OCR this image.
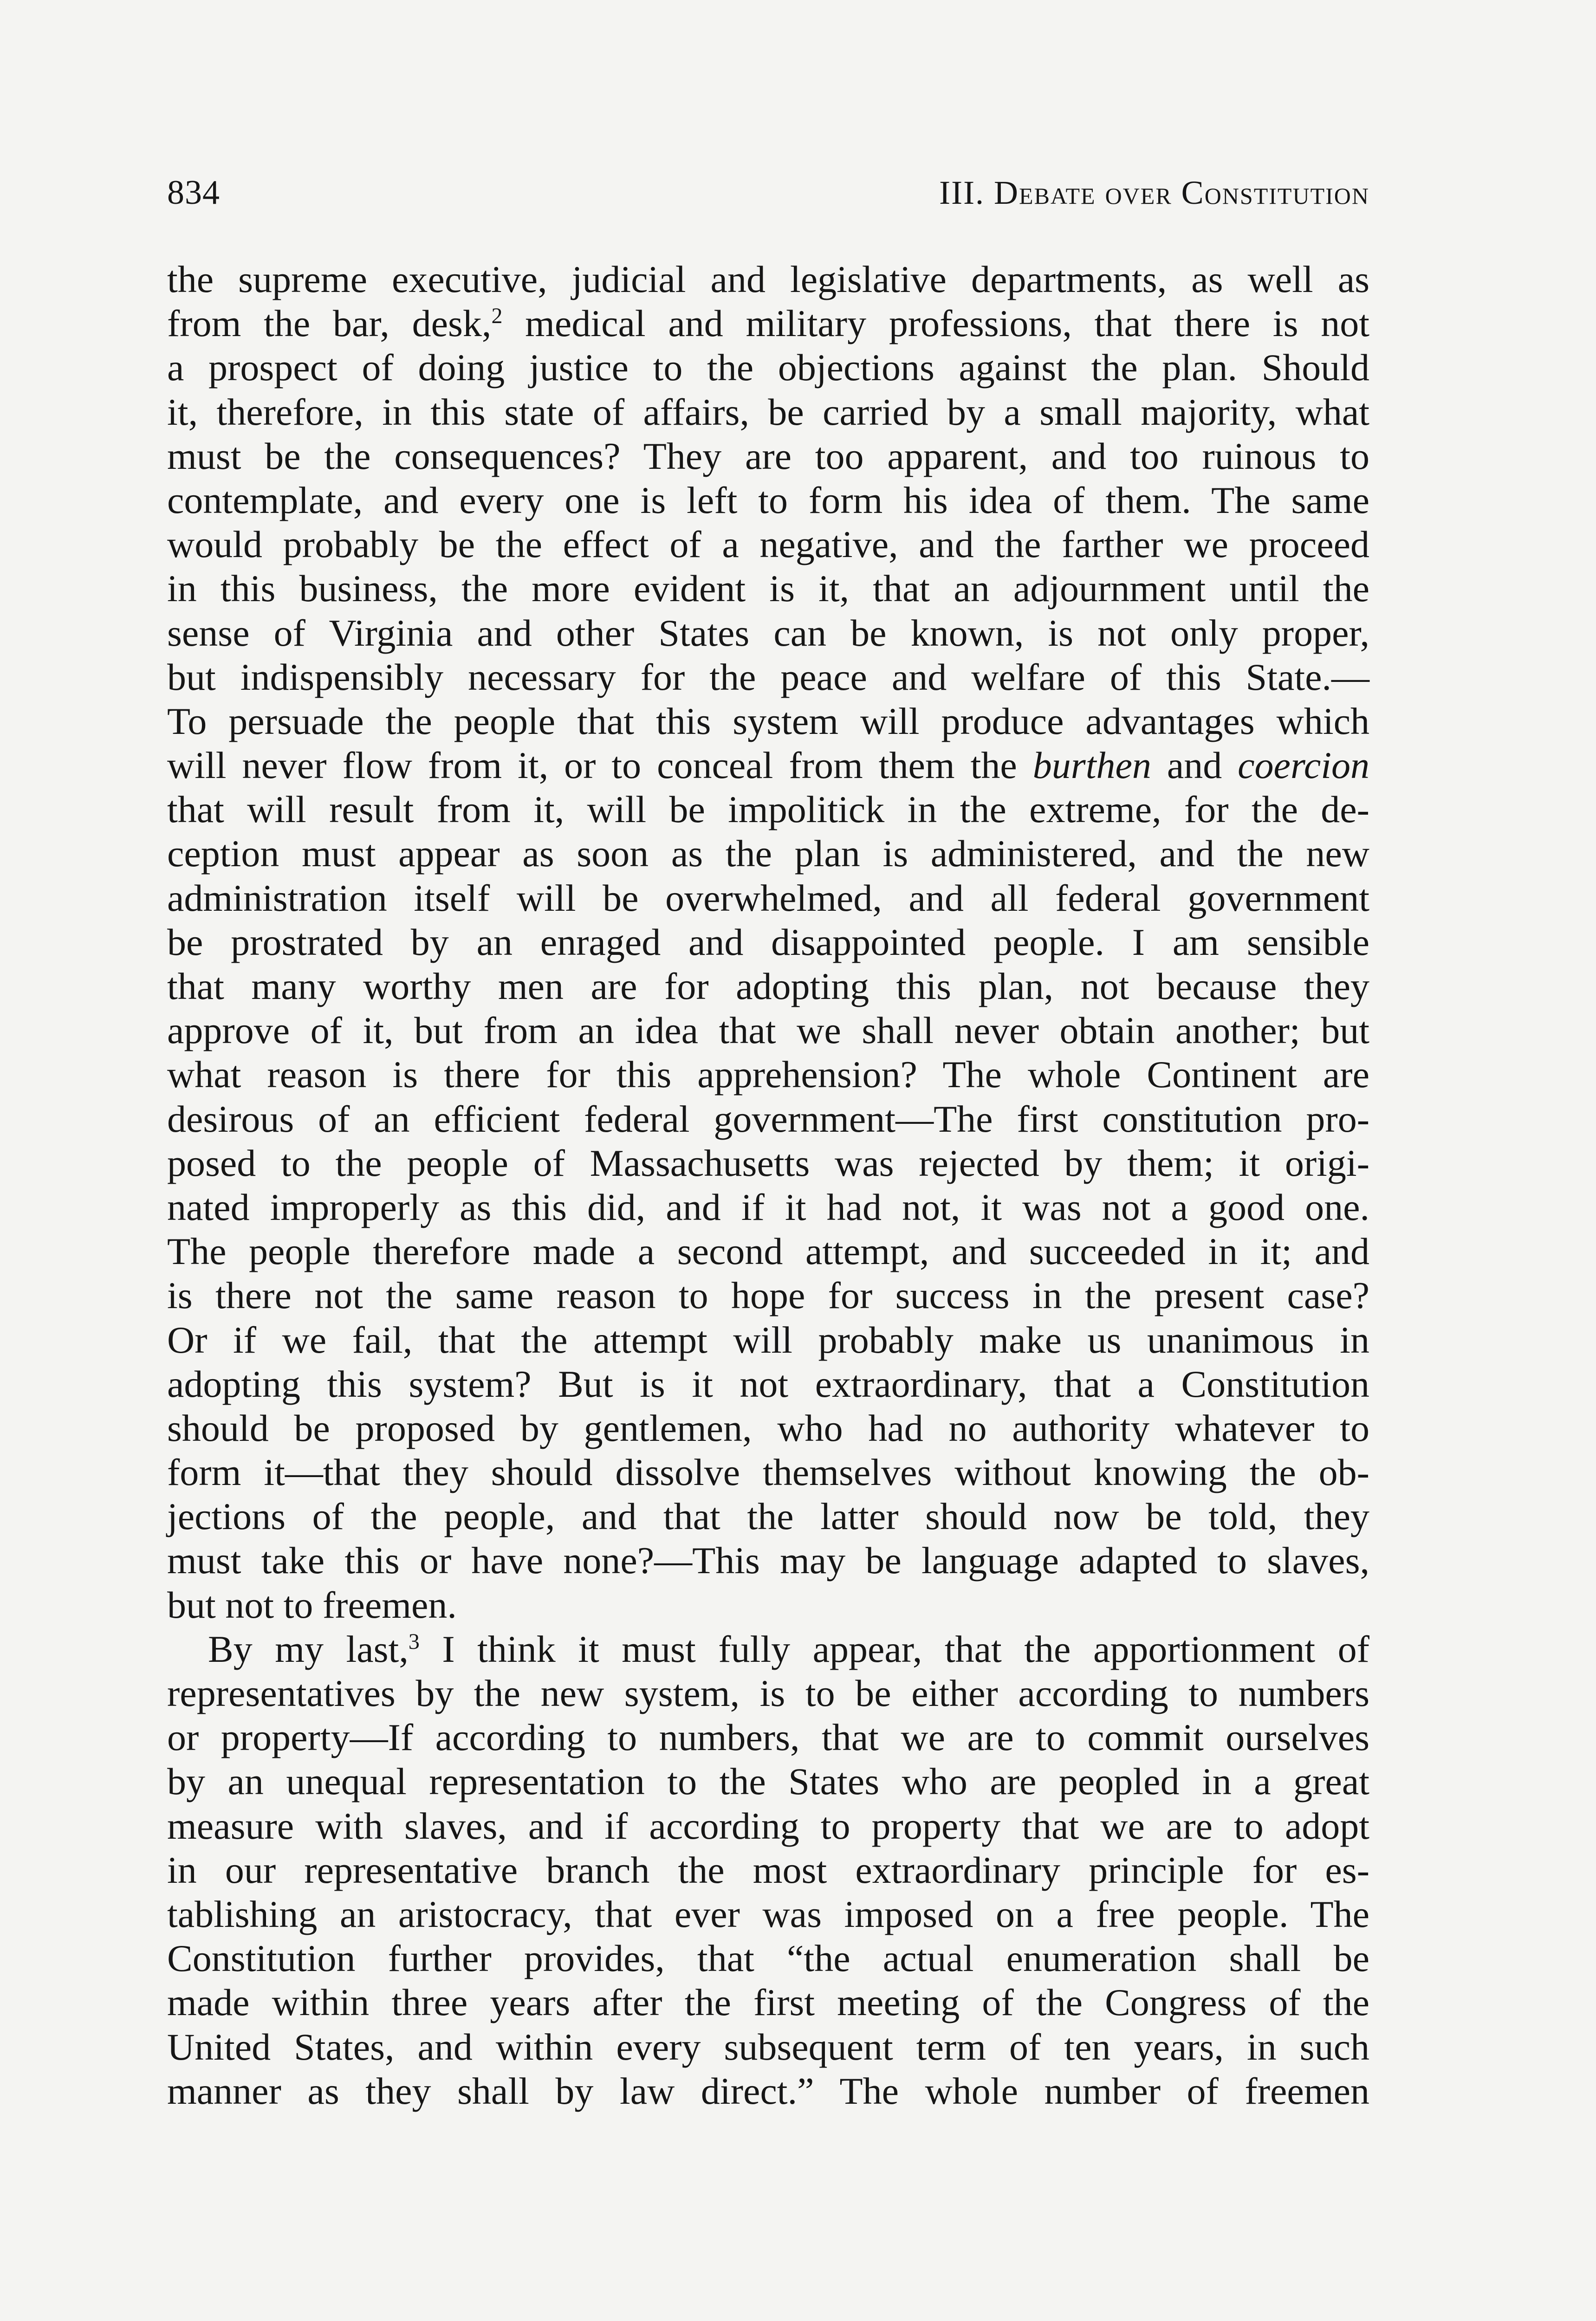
834	III. Debate over Constitution
the supreme executive, judicial and legislative departments, as well as
from the bar, desk,$^2$ medical and military professions, that there is not
a prospect of doing justice to the objections against the plan. Should
it, therefore, in this state of affairs, be carried by a small majority, what
must be the consequences? They are too apparent, and too ruinous to
contemplate, and every one is left to form his idea of them. The same
would probably be the effect of a negative, and the farther we proceed
in this business, the more evident is it, that an adjournment until the
sense of Virginia and other States can be known, is not only proper,
but indispensibly necessary for the peace and welfare of this State.—
To persuade the people that this system will produce advantages which
will never flow from it, or to conceal from them the burthen and coercion
that will result from it, will be impolitick in the extreme, for the de-
ception must appear as soon as the plan is administered, and the new
administration itself will be overwhelmed, and all federal government
be prostrated by an enraged and disappointed people. I am sensible
that many worthy men are for adopting this plan, not because they
approve of it, but from an idea that we shall never obtain another; but
what reason is there for this apprehension? The whole Continent are
desirous of an efficient federal government—The first constitution pro-
posed to the people of Massachusetts was rejected by them; it origi-
nated improperly as this did, and if it had not, it was not a good one.
The people therefore made a second attempt, and succeeded in it; and
is there not the same reason to hope for success in the present case?
Or if we fail, that the attempt will probably make us unanimous in
adopting this system? But is it not extraordinary, that a Constitution
should be proposed by gentlemen, who had no authority whatever to
form it—that they should dissolve themselves without knowing the ob-
jections of the people, and that the latter should now be told, they
must take this or have none?—This may be language adapted to slaves,
but not to freemen.
By my last,$^3$ I think it must fully appear, that the apportionment of
representatives by the new system, is to be either according to numbers
or property—If according to numbers, that we are to commit ourselves
by an unequal representation to the States who are peopled in a great
measure with slaves, and if according to property that we are to adopt
in our representative branch the most extraordinary principle for es-
tablishing an aristocracy, that ever was imposed on a free people. The
Constitution further provides, that “the actual enumeration shall be
made within three years after the first meeting of the Congress of the
United States, and within every subsequent term of ten years, in such
manner as they shall by law direct.” The whole number of freemen
